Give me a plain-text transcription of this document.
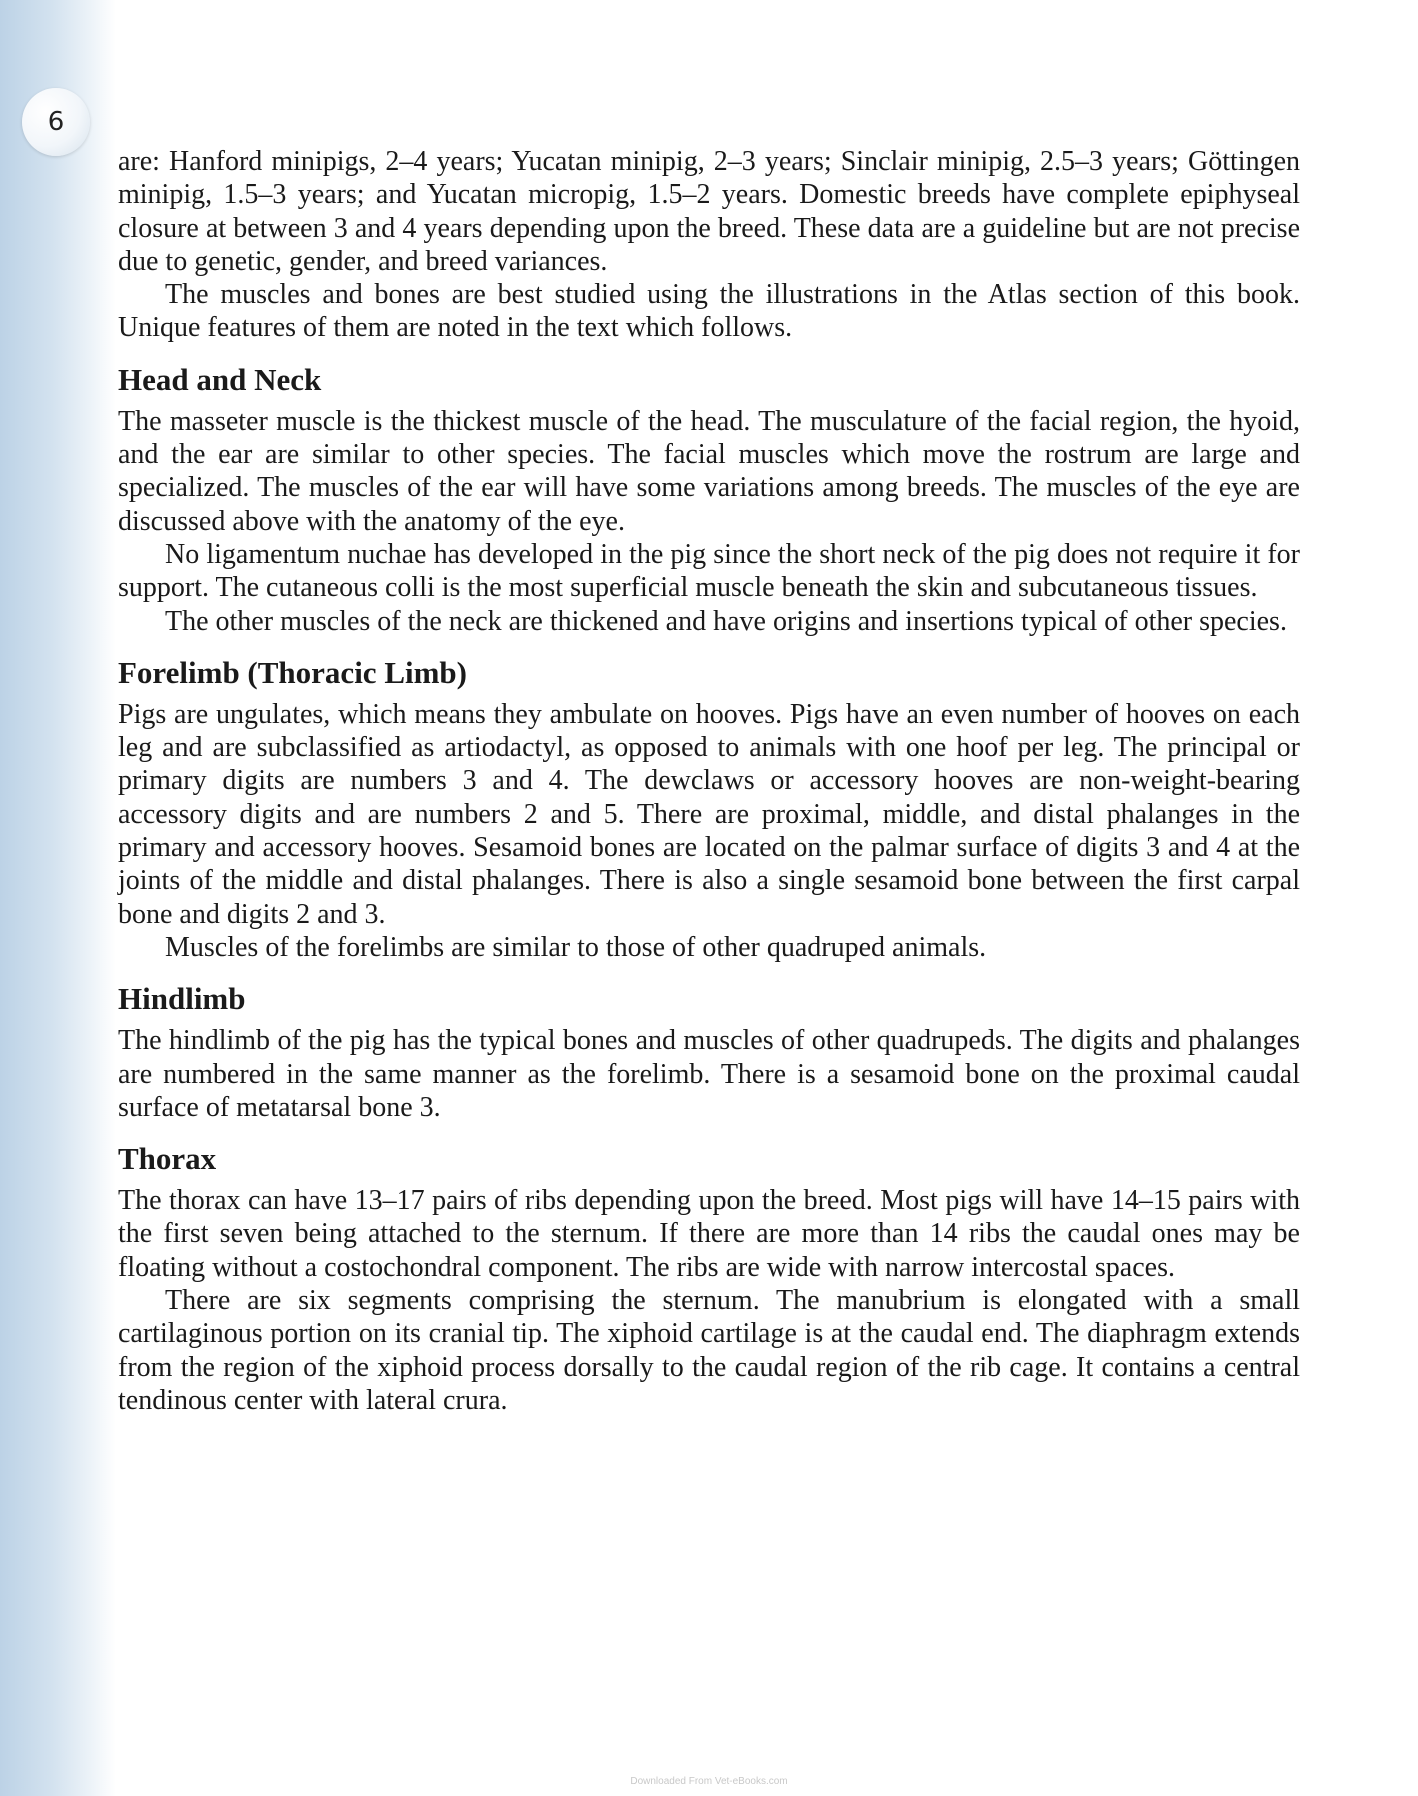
6

are: Hanford minipigs, 2–4 years; Yucatan minipig, 2–3 years; Sinclair minipig, 2.5–3 years; Göttingen minipig, 1.5–3 years; and Yucatan micropig, 1.5–2 years. Domestic breeds have complete epiphyseal closure at between 3 and 4 years depending upon the breed. These data are a guideline but are not precise due to genetic, gender, and breed variances.

The muscles and bones are best studied using the illustrations in the Atlas section of this book. Unique features of them are noted in the text which follows.

Head and Neck

The masseter muscle is the thickest muscle of the head. The musculature of the facial region, the hyoid, and the ear are similar to other species. The facial muscles which move the rostrum are large and specialized. The muscles of the ear will have some variations among breeds. The muscles of the eye are discussed above with the anatomy of the eye.

No ligamentum nuchae has developed in the pig since the short neck of the pig does not require it for support. The cutaneous colli is the most superficial muscle beneath the skin and subcutaneous tissues.

The other muscles of the neck are thickened and have origins and insertions typical of other species.

Forelimb (Thoracic Limb)

Pigs are ungulates, which means they ambulate on hooves. Pigs have an even number of hooves on each leg and are subclassified as artiodactyl, as opposed to animals with one hoof per leg. The principal or primary digits are numbers 3 and 4. The dewclaws or accessory hooves are non-weight-bearing accessory digits and are numbers 2 and 5. There are proximal, middle, and distal phalanges in the primary and accessory hooves. Sesamoid bones are located on the palmar surface of digits 3 and 4 at the joints of the middle and distal phalanges. There is also a single sesamoid bone between the first carpal bone and digits 2 and 3.

Muscles of the forelimbs are similar to those of other quadruped animals.

Hindlimb

The hindlimb of the pig has the typical bones and muscles of other quadrupeds. The digits and phalanges are numbered in the same manner as the forelimb. There is a sesamoid bone on the proximal caudal surface of metatarsal bone 3.

Thorax

The thorax can have 13–17 pairs of ribs depending upon the breed. Most pigs will have 14–15 pairs with the first seven being attached to the sternum. If there are more than 14 ribs the caudal ones may be floating without a costochondral component. The ribs are wide with narrow intercostal spaces.

There are six segments comprising the sternum. The manubrium is elongated with a small cartilaginous portion on its cranial tip. The xiphoid cartilage is at the caudal end. The diaphragm extends from the region of the xiphoid process dorsally to the caudal region of the rib cage. It contains a central tendinous center with lateral crura.

Downloaded From Vet-eBooks.com
